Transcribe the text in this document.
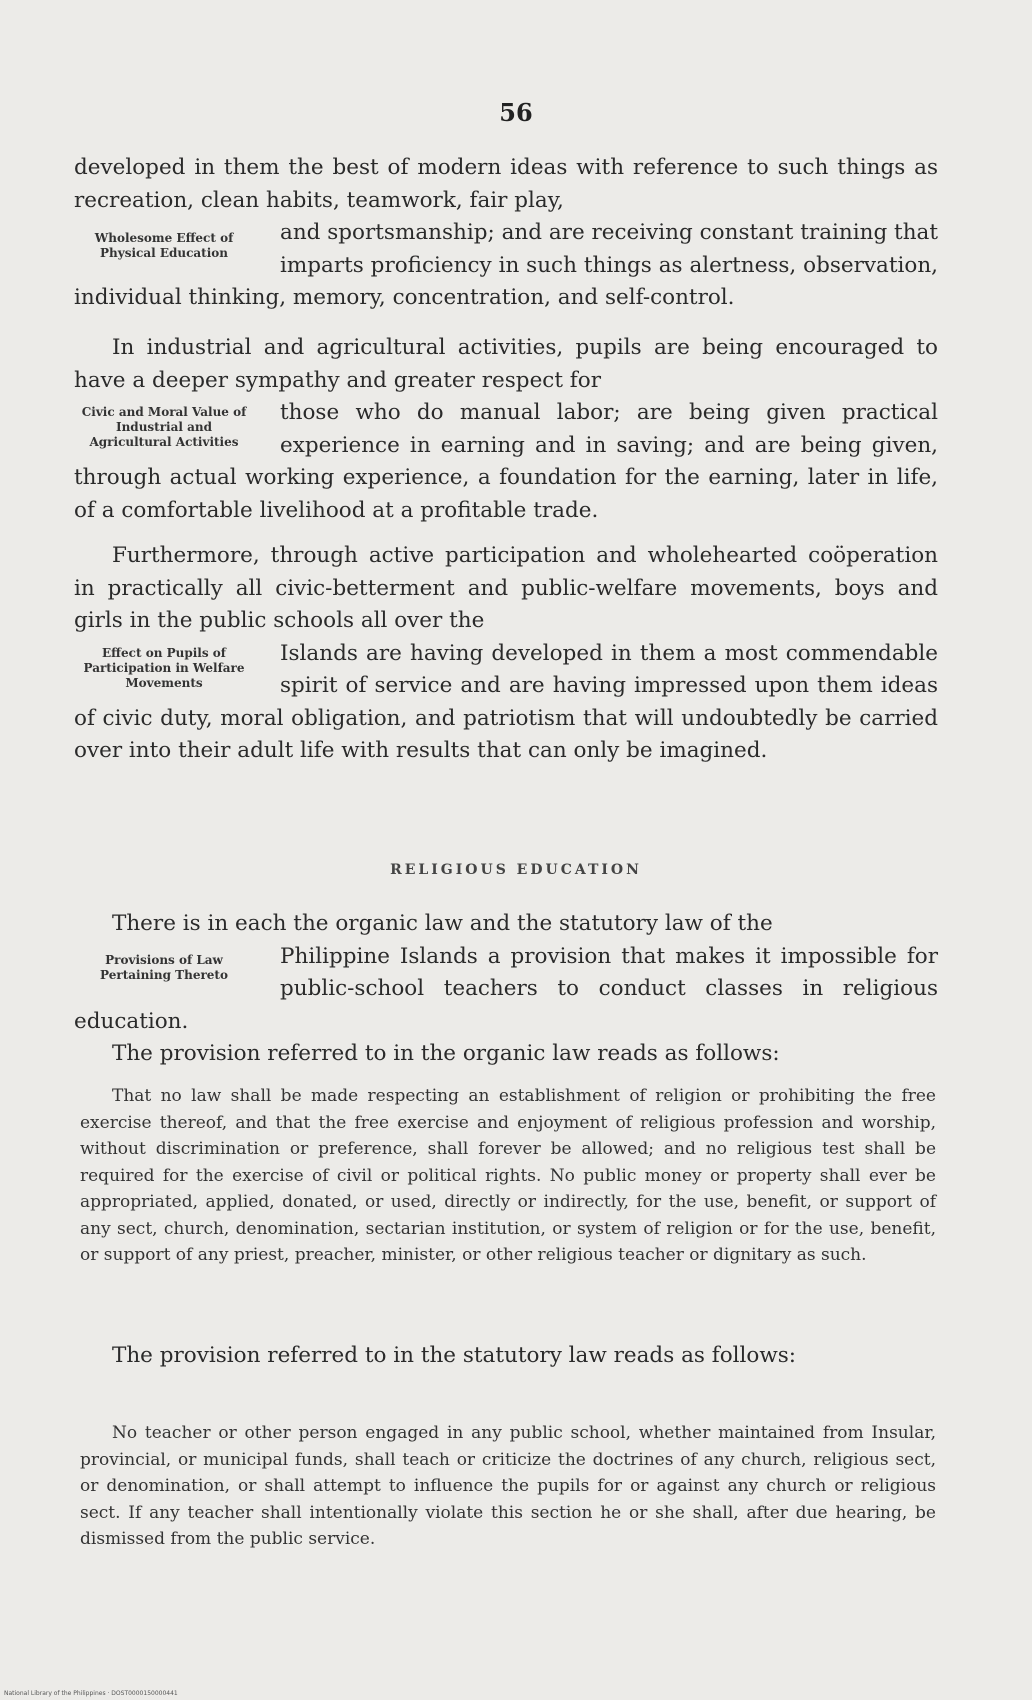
56

developed in them the best of modern ideas with reference to such things as recreation, clean habits, teamwork, fair play,

Wholesome Effect of Physical Education

and sportsmanship; and are receiving constant training that imparts proficiency in such things as alertness, observation, individual thinking, memory, concentration, and self-control.

In industrial and agricultural activities, pupils are being encouraged to have a deeper sympathy and greater respect for

Civic and Moral Value of Industrial and Agricultural Activities

those who do manual labor; are being given practical experience in earning and in saving; and are being given, through actual working experience, a foundation for the earning, later in life, of a comfortable livelihood at a profitable trade.

Furthermore, through active participation and wholehearted coöperation in practically all civic-betterment and public-welfare movements, boys and girls in the public schools all over the

Effect on Pupils of Participation in Welfare Movements

Islands are having developed in them a most commendable spirit of service and are having impressed upon them ideas of civic duty, moral obligation, and patriotism that will undoubtedly be carried over into their adult life with results that can only be imagined.

RELIGIOUS EDUCATION

There is in each the organic law and the statutory law of the

Provisions of Law Pertaining Thereto

Philippine Islands a provision that makes it impossible for public-school teachers to conduct classes in religious education.

The provision referred to in the organic law reads as follows:

That no law shall be made respecting an establishment of religion or prohibiting the free exercise thereof, and that the free exercise and enjoyment of religious profession and worship, without discrimination or preference, shall forever be allowed; and no religious test shall be required for the exercise of civil or political rights. No public money or property shall ever be appropriated, applied, donated, or used, directly or indirectly, for the use, benefit, or support of any sect, church, denomination, sectarian institution, or system of religion or for the use, benefit, or support of any priest, preacher, minister, or other religious teacher or dignitary as such.

The provision referred to in the statutory law reads as follows:

No teacher or other person engaged in any public school, whether maintained from Insular, provincial, or municipal funds, shall teach or criticize the doctrines of any church, religious sect, or denomination, or shall attempt to influence the pupils for or against any church or religious sect. If any teacher shall intentionally violate this section he or she shall, after due hearing, be dismissed from the public service.

National Library of the Philippines · DOST0000150000441
